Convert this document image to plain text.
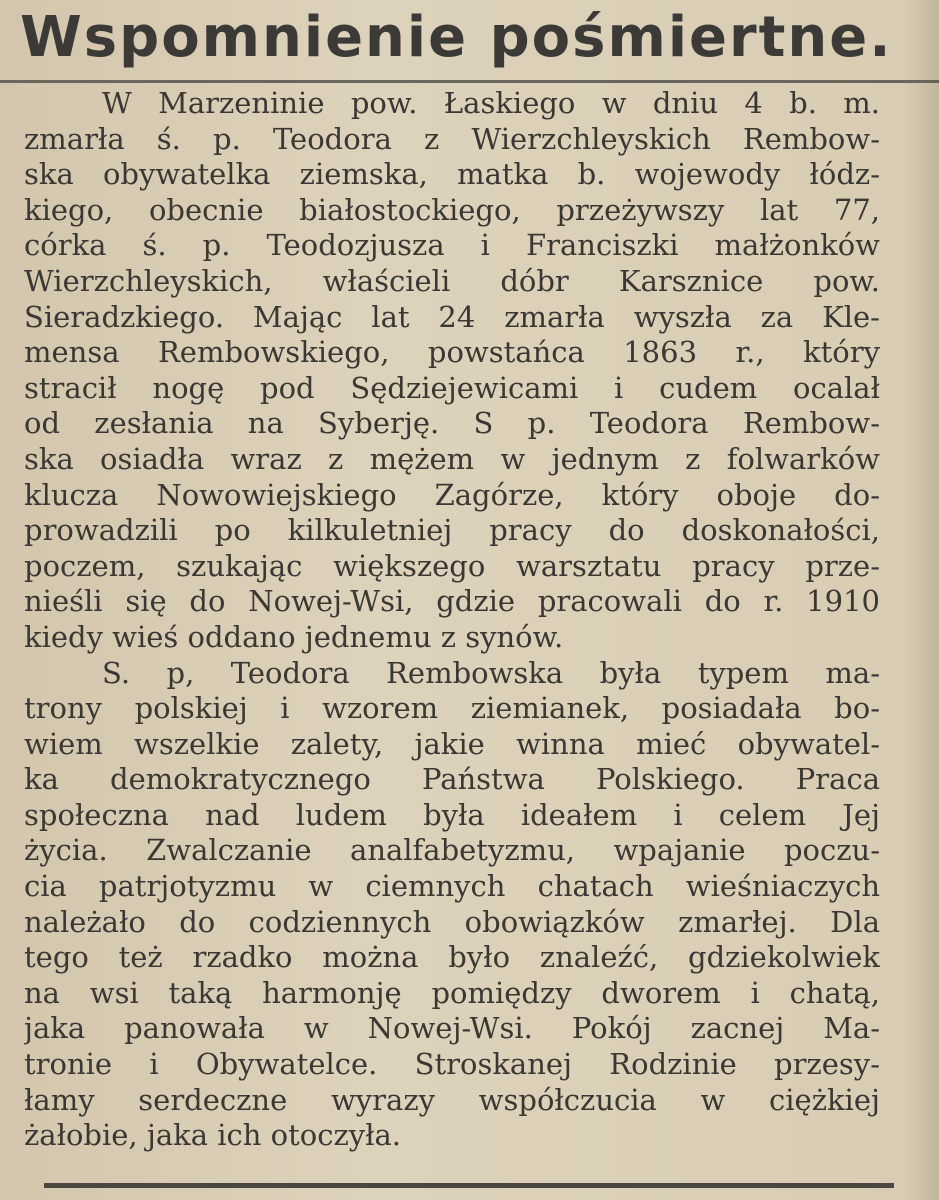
Wspomnienie pośmiertne.
W Marzeninie pow. Łaskiego w dniu 4 b. m.
zmarła ś. p. Teodora z Wierzchleyskich Rembow-
ska obywatelka ziemska, matka b. wojewody łódz-
kiego, obecnie białostockiego, przeżywszy lat 77,
córka ś. p. Teodozjusza i Franciszki małżonków
Wierzchleyskich, właścieli dóbr Karsznice pow.
Sieradzkiego. Mając lat 24 zmarła wyszła za Kle-
mensa Rembowskiego, powstańca 1863 r., który
stracił nogę pod Sędziejewicami i cudem ocalał
od zesłania na Syberję. S p. Teodora Rembow-
ska osiadła wraz z mężem w jednym z folwarków
klucza Nowowiejskiego Zagórze, który oboje do-
prowadzili po kilkuletniej pracy do doskonałości,
poczem, szukając większego warsztatu pracy prze-
nieśli się do Nowej-Wsi, gdzie pracowali do r. 1910
kiedy wieś oddano jednemu z synów.
S. p, Teodora Rembowska była typem ma-
trony polskiej i wzorem ziemianek, posiadała bo-
wiem wszelkie zalety, jakie winna mieć obywatel-
ka demokratycznego Państwa Polskiego. Praca
społeczna nad ludem była ideałem i celem Jej
życia. Zwalczanie analfabetyzmu, wpajanie poczu-
cia patrjotyzmu w ciemnych chatach wieśniaczych
należało do codziennych obowiązków zmarłej. Dla
tego też rzadko można było znaleźć, gdziekolwiek
na wsi taką harmonję pomiędzy dworem i chatą,
jaka panowała w Nowej-Wsi. Pokój zacnej Ma-
tronie i Obywatelce. Stroskanej Rodzinie przesy-
łamy serdeczne wyrazy współczucia w ciężkiej
żałobie, jaka ich otoczyła.
